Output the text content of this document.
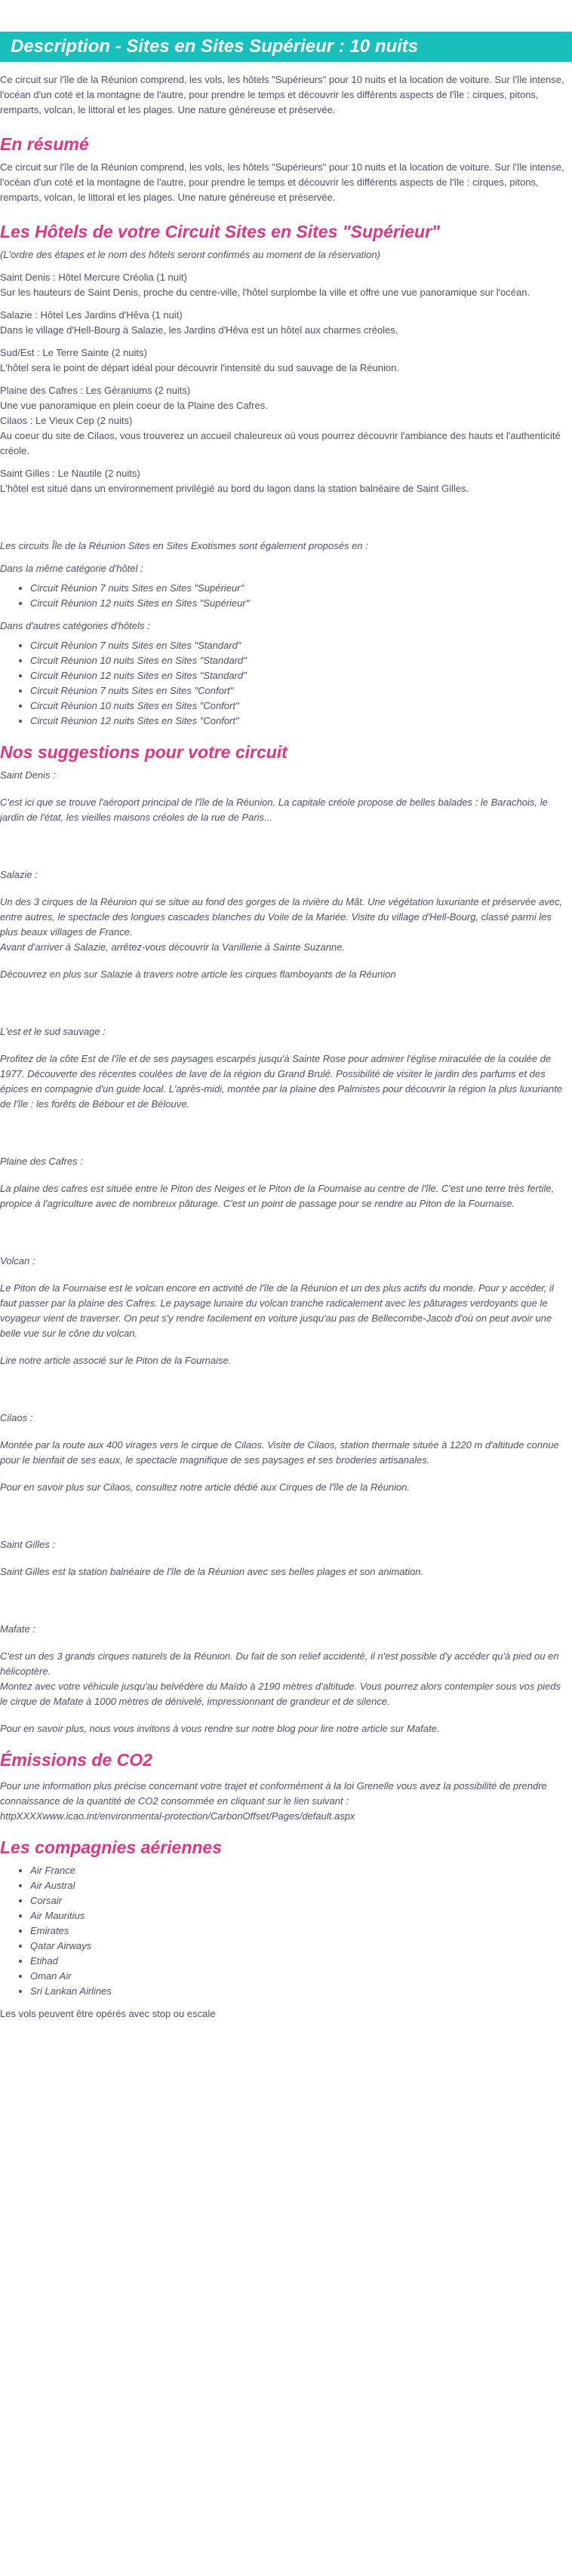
Description - Sites en Sites Supérieur : 10 nuits

Ce circuit sur l'île de la Réunion comprend, les vols, les hôtels "Supérieurs" pour 10 nuits et la location de voiture. Sur l'île intense, l'océan d'un coté et la montagne de l'autre, pour prendre le temps et découvrir les différents aspects de l'île : cirques, pitons, remparts, volcan, le littoral et les plages. Une nature généreuse et préservée.

En résumé

Ce circuit sur l'île de la Réunion comprend, les vols, les hôtels "Supérieurs" pour 10 nuits et la location de voiture. Sur l'île intense, l'océan d'un coté et la montagne de l'autre, pour prendre le temps et découvrir les différents aspects de l'île : cirques, pitons, remparts, volcan, le littoral et les plages. Une nature généreuse et préservée.

Les Hôtels de votre Circuit Sites en Sites "Supérieur"

(L'ordre des étapes et le nom des hôtels seront confirmés au moment de la réservation)

Saint Denis : Hôtel Mercure Créolia (1 nuit)

Sur les hauteurs de Saint Denis, proche du centre-ville, l'hôtel surplombe la ville et offre une vue panoramique sur l'océan.

Salazie : Hôtel Les Jardins d'Hêva (1 nuit)

Dans le village d'Hell-Bourg à Salazie, les Jardins d'Hêva est un hôtel aux charmes créoles.

Sud/Est : Le Terre Sainte (2 nuits)

L'hôtel sera le point de départ idéal pour découvrir l'intensité du sud sauvage de la Réunion.

Plaine des Cafres : Les Géraniums (2 nuits)

Une vue panoramique en plein coeur de la Plaine des Cafres.

Cilaos : Le Vieux Cep (2 nuits)

Au coeur du site de Cilaos, vous trouverez un accueil chaleureux où vous pourrez découvrir l'ambiance des hauts et l'authenticité créole.

Saint Gilles : Le Nautile (2 nuits)

L'hôtel est situé dans un environnement privilégié au bord du lagon dans la station balnéaire de Saint Gilles.

Les circuits Île de la Réunion Sites en Sites Exotismes sont également proposés en :

Dans la même catégorie d'hôtel :

• Circuit Réunion 7 nuits Sites en Sites "Supérieur"
• Circuit Réunion 12 nuits Sites en Sites "Supérieur"

Dans d'autres catégories d'hôtels :

• Circuit Réunion 7 nuits Sites en Sites "Standard"
• Circuit Réunion 10 nuits Sites en Sites "Standard"
• Circuit Réunion 12 nuits Sites en Sites "Standard"
• Circuit Réunion 7 nuits Sites en Sites "Confort"
• Circuit Réunion 10 nuits Sites en Sites "Confort"
• Circuit Réunion 12 nuits Sites en Sites "Confort"
Nos suggestions pour votre circuit

Saint Denis :

C'est ici que se trouve l'aéroport principal de l'île de la Réunion. La capitale créole propose de belles balades : le Barachois, le jardin de l'état, les vieilles maisons créoles de la rue de Paris...

Salazie :

Un des 3 cirques de la Réunion qui se situe au fond des gorges de la rivière du Mât. Une végétation luxuriante et préservée avec, entre autres, le spectacle des longues cascades blanches du Voile de la Mariée. Visite du village d'Hell-Bourg, classé parmi les plus beaux villages de France.

Avant d'arriver à Salazie, arrêtez-vous découvrir la Vanillerie à Sainte Suzanne.

Découvrez en plus sur Salazie à travers notre article les cirques flamboyants de la Réunion

L'est et le sud sauvage :

Profitez de la côte Est de l'île et de ses paysages escarpés jusqu'à Sainte Rose pour admirer l'église miraculée de la coulée de 1977. Découverte des récentes coulées de lave de la région du Grand Brulé. Possibilité de visiter le jardin des parfums et des épices en compagnie d'un guide local. L'après-midi, montée par la plaine des Palmistes pour découvrir la région la plus luxuriante de l'île : les forêts de Bébour et de Bélouve.

Plaine des Cafres :

La plaine des cafres est située entre le Piton des Neiges et le Piton de la Fournaise au centre de l'île. C'est une terre très fertile, propice à l'agriculture avec de nombreux pâturage. C'est un point de passage pour se rendre au Piton de la Fournaise.

Volcan :

Le Piton de la Fournaise est le volcan encore en activité de l'île de la Réunion et un des plus actifs du monde. Pour y accéder, il faut passer par la plaine des Cafres. Le paysage lunaire du volcan tranche radicalement avec les pâturages verdoyants que le voyageur vient de traverser. On peut s'y rendre facilement en voiture jusqu'au pas de Bellecombe-Jacob d'où on peut avoir une belle vue sur le cône du volcan.

Lire notre article associé sur le Piton de la Fournaise.

Cilaos :

Montée par la route aux 400 virages vers le cirque de Cilaos. Visite de Cilaos, station thermale située à 1220 m d'altitude connue pour le bienfait de ses eaux, le spectacle magnifique de ses paysages et ses broderies artisanales.

Pour en savoir plus sur Cilaos, consultez notre article dédié aux Cirques de l'île de la Réunion.

Saint Gilles :

Saint Gilles est la station balnéaire de l'île de la Réunion avec ses belles plages et son animation.

Mafate :

C'est un des 3 grands cirques naturels de la Réunion. Du fait de son relief accidenté, il n'est possible d'y accéder qu'à pied ou en hélicoptère.

Montez avec votre véhicule jusqu'au belvédère du Maïdo à 2190 mètres d'altitude. Vous pourrez alors contempler sous vos pieds le cirque de Mafate à 1000 mètres de dénivelé, impressionnant de grandeur et de silence.

Pour en savoir plus, nous vous invitons à vous rendre sur notre blog pour lire notre article sur Mafate.

Émissions de CO2

Pour une information plus précise concernant votre trajet et conformément à la loi Grenelle vous avez la possibilité de prendre connaissance de la quantité de CO2 consommée en cliquant sur le lien suivant :

httpXXXXwww.icao.int/environmental-protection/CarbonOffset/Pages/default.aspx

Les compagnies aériennes
• Air France
• Air Austral
• Corsair
• Air Mauritius
• Emirates
• Qatar Airways
• Etihad
• Oman Air
• Sri Lankan Airlines

Les vols peuvent être opérés avec stop ou escale
